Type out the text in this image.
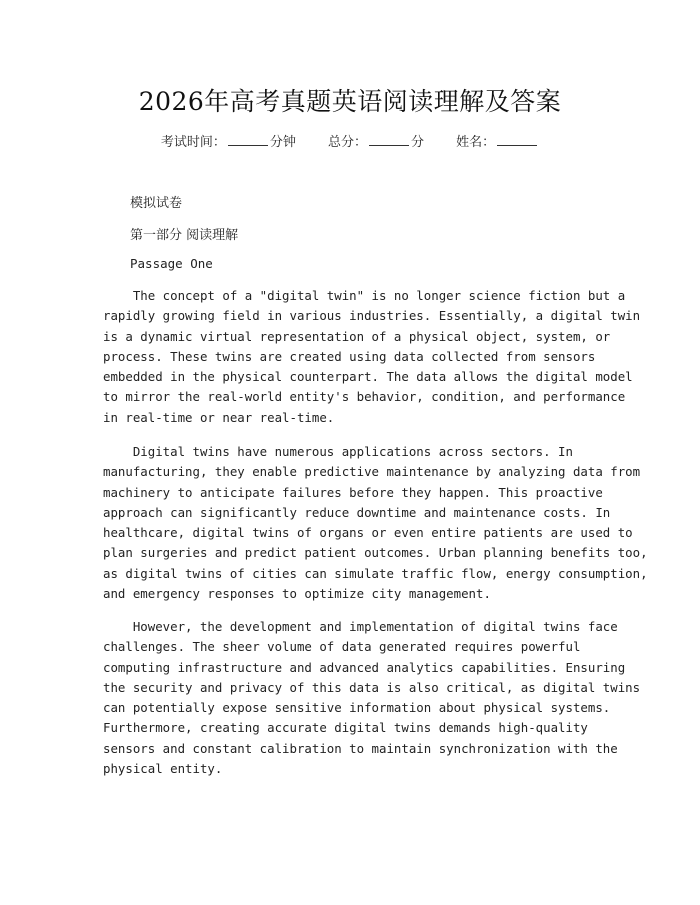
2026年高考真题英语阅读理解及答案
考试时间：	分钟 总分：	分 姓名：
模拟试卷
第一部分 阅读理解
Passage One
The concept of a "digital twin" is no longer science fiction but a
rapidly growing field in various industries. Essentially, a digital twin
is a dynamic virtual representation of a physical object, system, or
process. These twins are created using data collected from sensors
embedded in the physical counterpart. The data allows the digital model
to mirror the real-world entity's behavior, condition, and performance
in real-time or near real-time.
Digital twins have numerous applications across sectors. In
manufacturing, they enable predictive maintenance by analyzing data from
machinery to anticipate failures before they happen. This proactive
approach can significantly reduce downtime and maintenance costs. In
healthcare, digital twins of organs or even entire patients are used to
plan surgeries and predict patient outcomes. Urban planning benefits too,
as digital twins of cities can simulate traffic flow, energy consumption,
and emergency responses to optimize city management.
However, the development and implementation of digital twins face
challenges. The sheer volume of data generated requires powerful
computing infrastructure and advanced analytics capabilities. Ensuring
the security and privacy of this data is also critical, as digital twins
can potentially expose sensitive information about physical systems.
Furthermore, creating accurate digital twins demands high-quality
sensors and constant calibration to maintain synchronization with the
physical entity.
